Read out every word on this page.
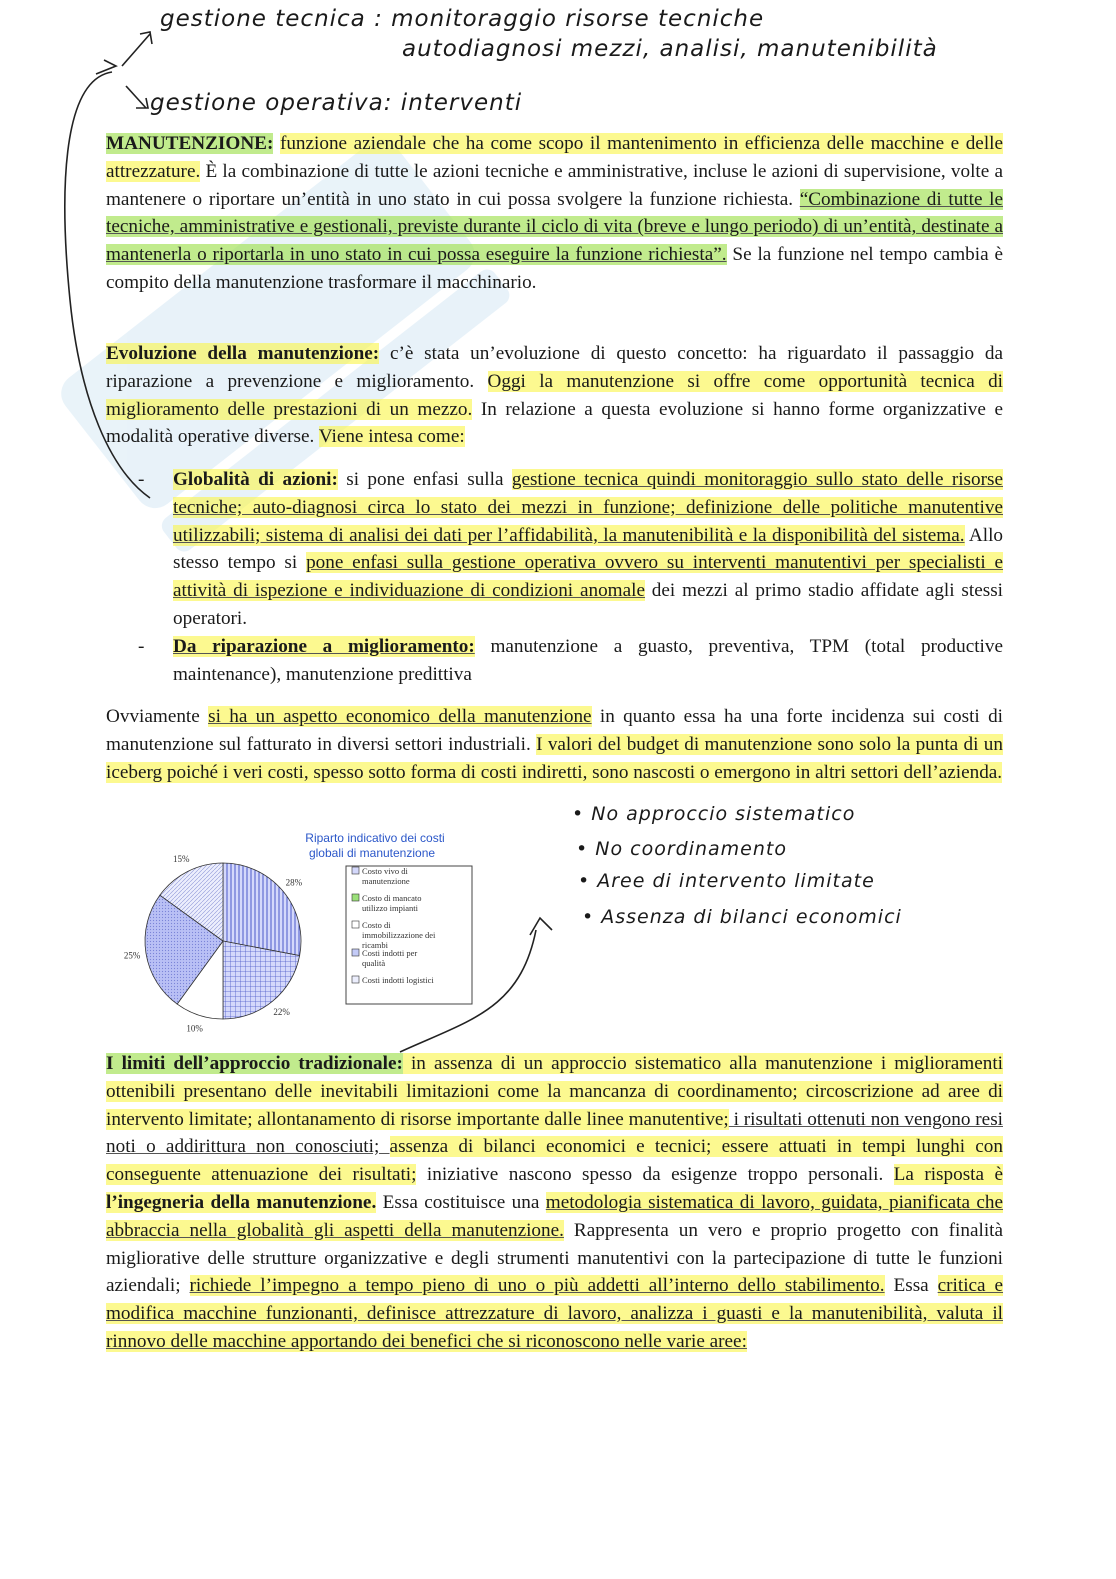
gestione tecnica : monitoraggio risorse tecniche
autodiagnosi mezzi, analisi, manutenibilità
gestione operativa: interventi

MANUTENZIONE: funzione aziendale che ha come scopo il mantenimento in efficienza delle macchine e delle attrezzature. È la combinazione di tutte le azioni tecniche e amministrative, incluse le azioni di supervisione, volte a mantenere o riportare un’entità in uno stato in cui possa svolgere la funzione richiesta. “Combinazione di tutte le tecniche, amministrative e gestionali, previste durante il ciclo di vita (breve e lungo periodo) di un’entità, destinate a mantenerla o riportarla in uno stato in cui possa eseguire la funzione richiesta”. Se la funzione nel tempo cambia è compito della manutenzione trasformare il macchinario.

Evoluzione della manutenzione: c’è stata un’evoluzione di questo concetto: ha riguardato il passaggio da riparazione a prevenzione e miglioramento. Oggi la manutenzione si offre come opportunità tecnica di miglioramento delle prestazioni di un mezzo. In relazione a questa evoluzione si hanno forme organizzative e modalità operative diverse. Viene intesa come:

- Globalità di azioni: si pone enfasi sulla gestione tecnica quindi monitoraggio sullo stato delle risorse tecniche; auto-diagnosi circa lo stato dei mezzi in funzione; definizione delle politiche manutentive utilizzabili; sistema di analisi dei dati per l’affidabilità, la manutenibilità e la disponibilità del sistema. Allo stesso tempo si pone enfasi sulla gestione operativa ovvero su interventi manutentivi per specialisti e attività di ispezione e individuazione di condizioni anomale dei mezzi al primo stadio affidate agli stessi operatori.
- Da riparazione a miglioramento: manutenzione a guasto, preventiva, TPM (total productive maintenance), manutenzione predittiva

Ovviamente si ha un aspetto economico della manutenzione in quanto essa ha una forte incidenza sui costi di manutenzione sul fatturato in diversi settori industriali. I valori del budget di manutenzione sono solo la punta di un iceberg poiché i veri costi, spesso sotto forma di costi indiretti, sono nascosti o emergono in altri settori dell’azienda.

Riparto indicativo dei costi
globali di manutenzione
28%
22%
10%
25%
15%
Costo vivo di manutenzione
Costo di mancato utilizzo impianti
Costo di immobilizzazione dei ricambi
Costi indotti per qualità
Costi indotti logistici
• No approccio sistematico
• No coordinamento
• Aree di intervento limitate
• Assenza di bilanci economici

I limiti dell’approccio tradizionale: in assenza di un approccio sistematico alla manutenzione i miglioramenti ottenibili presentano delle inevitabili limitazioni come la mancanza di coordinamento; circoscrizione ad aree di intervento limitate; allontanamento di risorse importante dalle linee manutentive; i risultati ottenuti non vengono resi noti o addirittura non conosciuti; assenza di bilanci economici e tecnici; essere attuati in tempi lunghi con conseguente attenuazione dei risultati; iniziative nascono spesso da esigenze troppo personali. La risposta è l’ingegneria della manutenzione. Essa costituisce una metodologia sistematica di lavoro, guidata, pianificata che abbraccia nella globalità gli aspetti della manutenzione. Rappresenta un vero e proprio progetto con finalità migliorative delle strutture organizzative e degli strumenti manutentivi con la partecipazione di tutte le funzioni aziendali; richiede l’impegno a tempo pieno di uno o più addetti all’interno dello stabilimento. Essa critica e modifica macchine funzionanti, definisce attrezzature di lavoro, analizza i guasti e la manutenibilità, valuta il rinnovo delle macchine apportando dei benefici che si riconoscono nelle varie aree:
